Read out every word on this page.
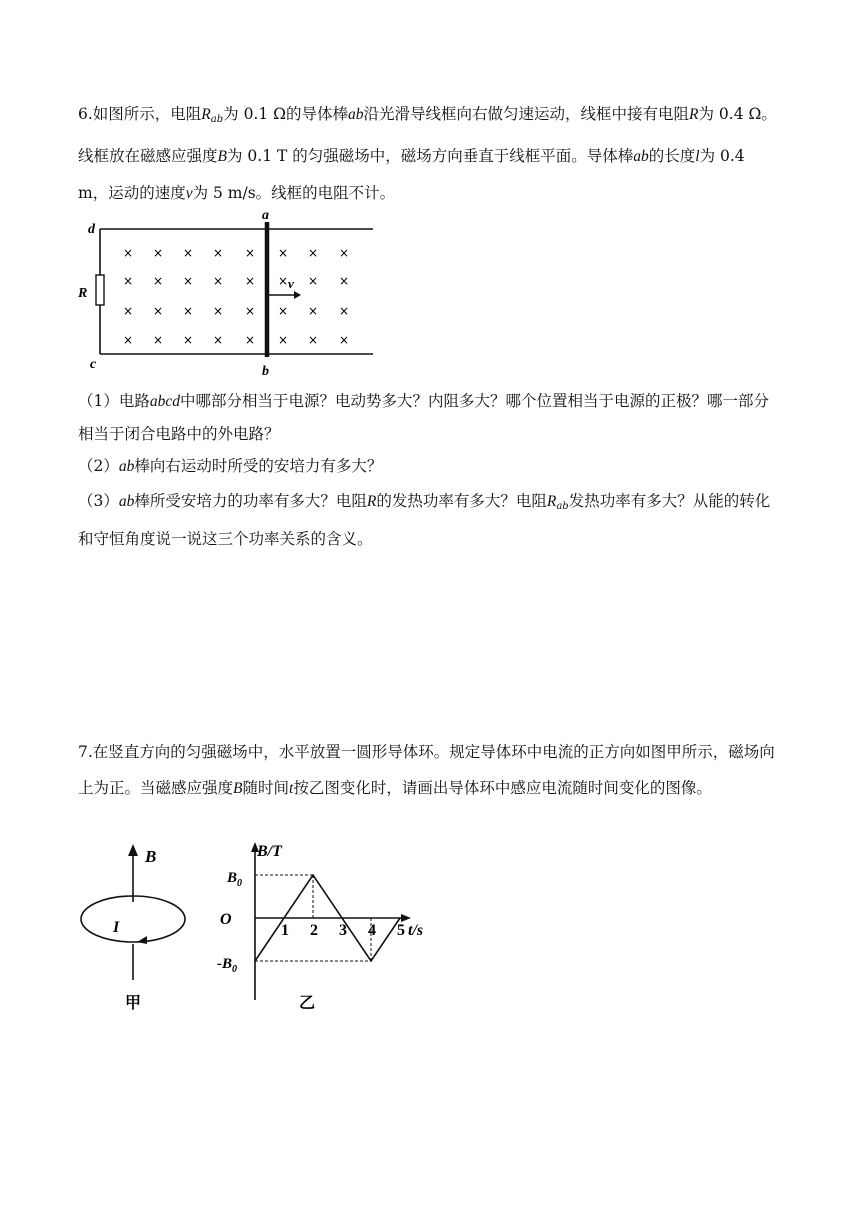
6.如图所示，电阻$R_{ab}$为 0.1 Ω的导体棒ab沿光滑导线框向右做匀速运动，线框中接有电阻R为 0.4 Ω。线框放在磁感应强度B为 0.1 T 的匀强磁场中，磁场方向垂直于线框平面。导体棒ab的长度l为 0.4 m，运动的速度v为 5 m/s。线框的电阻不计。

d
c
a
b
R
v
× × × × × × × ×
× × × × × × × ×
× × × × × × × ×
× × × × × × × ×

（1）电路abcd中哪部分相当于电源？电动势多大？内阻多大？哪个位置相当于电源的正极？哪一部分相当于闭合电路中的外电路？

（2）ab棒向右运动时所受的安培力有多大？

（3）ab棒所受安培力的功率有多大？电阻R的发热功率有多大？电阻$R_{ab}$发热功率有多大？从能的转化和守恒角度说一说这三个功率关系的含义。

7.在竖直方向的匀强磁场中，水平放置一圆形导体环。规定导体环中电流的正方向如图甲所示，磁场向上为正。当磁感应强度B随时间t按乙图变化时，请画出导体环中感应电流随时间变化的图像。

B
I
甲
B/T
O
$B_0$
$-B_0$
1 2 3 4 5 t/s
乙
